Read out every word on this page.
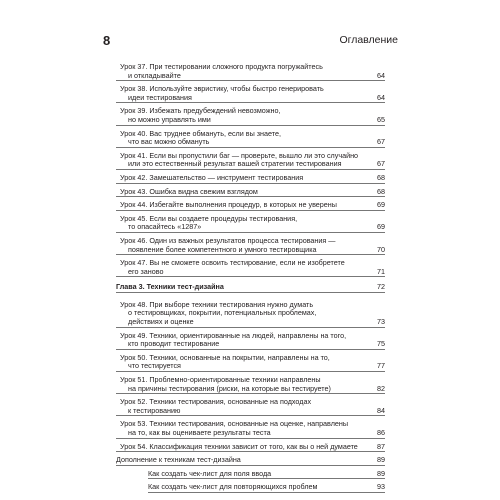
8	Оглавление
Урок 37. При тестировании сложного продукта погружайтесь
и откладывайте	64
Урок 38. Используйте эвристику, чтобы быстро генерировать
идеи тестирования	64
Урок 39. Избежать предубеждений невозможно,
но можно управлять ими	65
Урок 40. Вас труднее обмануть, если вы знаете,
что вас можно обмануть	67
Урок 41. Если вы пропустили баг — проверьте, вышло ли это случайно
или это естественный результат вашей стратегии тестирования	67
Урок 42. Замешательство — инструмент тестирования	68
Урок 43. Ошибка видна свежим взглядом	68
Урок 44. Избегайте выполнения процедур, в которых не уверены	69
Урок 45. Если вы создаете процедуры тестирования,
то опасайтесь «1287»	69
Урок 46. Один из важных результатов процесса тестирования —
появление более компетентного и умного тестировщика	70
Урок 47. Вы не сможете освоить тестирование, если не изобретете
его заново	71
Глава 3. Техники тест-дизайна	72
Урок 48. При выборе техники тестирования нужно думать
о тестировщиках, покрытии, потенциальных проблемах,
действиях и оценке	73
Урок 49. Техники, ориентированные на людей, направлены на того,
кто проводит тестирование	75
Урок 50. Техники, основанные на покрытии, направлены на то,
что тестируется	77
Урок 51. Проблемно-ориентированные техники направлены
на причины тестирования (риски, на которые вы тестируете)	82
Урок 52. Техники тестирования, основанные на подходах
к тестированию	84
Урок 53. Техники тестирования, основанные на оценке, направлены
на то, как вы оцениваете результаты теста	86
Урок 54. Классификация техники зависит от того, как вы о ней думаете	87
Дополнение к техникам тест-дизайна	89
Как создать чек-лист для поля ввода	89
Как создать чек-лист для повторяющихся проблем	93
